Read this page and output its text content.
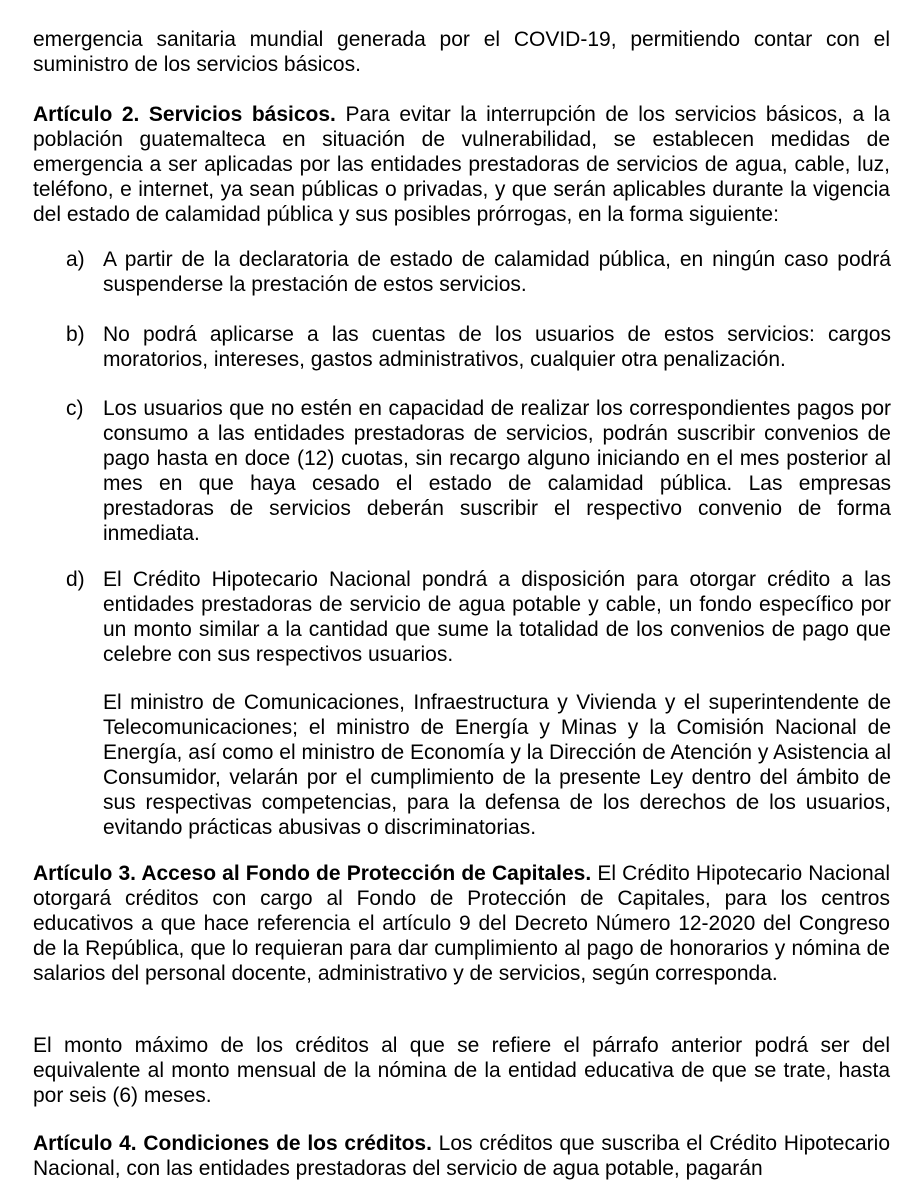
emergencia sanitaria mundial generada por el COVID-19, permitiendo contar con el suministro de los servicios básicos.

Artículo 2. Servicios básicos. Para evitar la interrupción de los servicios básicos, a la población guatemalteca en situación de vulnerabilidad, se establecen medidas de emergencia a ser aplicadas por las entidades prestadoras de servicios de agua, cable, luz, teléfono, e internet, ya sean públicas o privadas, y que serán aplicables durante la vigencia del estado de calamidad pública y sus posibles prórrogas, en la forma siguiente:

a) A partir de la declaratoria de estado de calamidad pública, en ningún caso podrá suspenderse la prestación de estos servicios.
b) No podrá aplicarse a las cuentas de los usuarios de estos servicios: cargos moratorios, intereses, gastos administrativos, cualquier otra penalización.
c) Los usuarios que no estén en capacidad de realizar los correspondientes pagos por consumo a las entidades prestadoras de servicios, podrán suscribir convenios de pago hasta en doce (12) cuotas, sin recargo alguno iniciando en el mes posterior al mes en que haya cesado el estado de calamidad pública. Las empresas prestadoras de servicios deberán suscribir el respectivo convenio de forma inmediata.
d) El Crédito Hipotecario Nacional pondrá a disposición para otorgar crédito a las entidades prestadoras de servicio de agua potable y cable, un fondo específico por un monto similar a la cantidad que sume la totalidad de los convenios de pago que celebre con sus respectivos usuarios.

El ministro de Comunicaciones, Infraestructura y Vivienda y el superintendente de Telecomunicaciones; el ministro de Energía y Minas y la Comisión Nacional de Energía, así como el ministro de Economía y la Dirección de Atención y Asistencia al Consumidor, velarán por el cumplimiento de la presente Ley dentro del ámbito de sus respectivas competencias, para la defensa de los derechos de los usuarios, evitando prácticas abusivas o discriminatorias.

Artículo 3. Acceso al Fondo de Protección de Capitales. El Crédito Hipotecario Nacional otorgará créditos con cargo al Fondo de Protección de Capitales, para los centros educativos a que hace referencia el artículo 9 del Decreto Número 12-2020 del Congreso de la República, que lo requieran para dar cumplimiento al pago de honorarios y nómina de salarios del personal docente, administrativo y de servicios, según corresponda.

El monto máximo de los créditos al que se refiere el párrafo anterior podrá ser del equivalente al monto mensual de la nómina de la entidad educativa de que se trate, hasta por seis (6) meses.

Artículo 4. Condiciones de los créditos. Los créditos que suscriba el Crédito Hipotecario Nacional, con las entidades prestadoras del servicio de agua potable, pagarán
